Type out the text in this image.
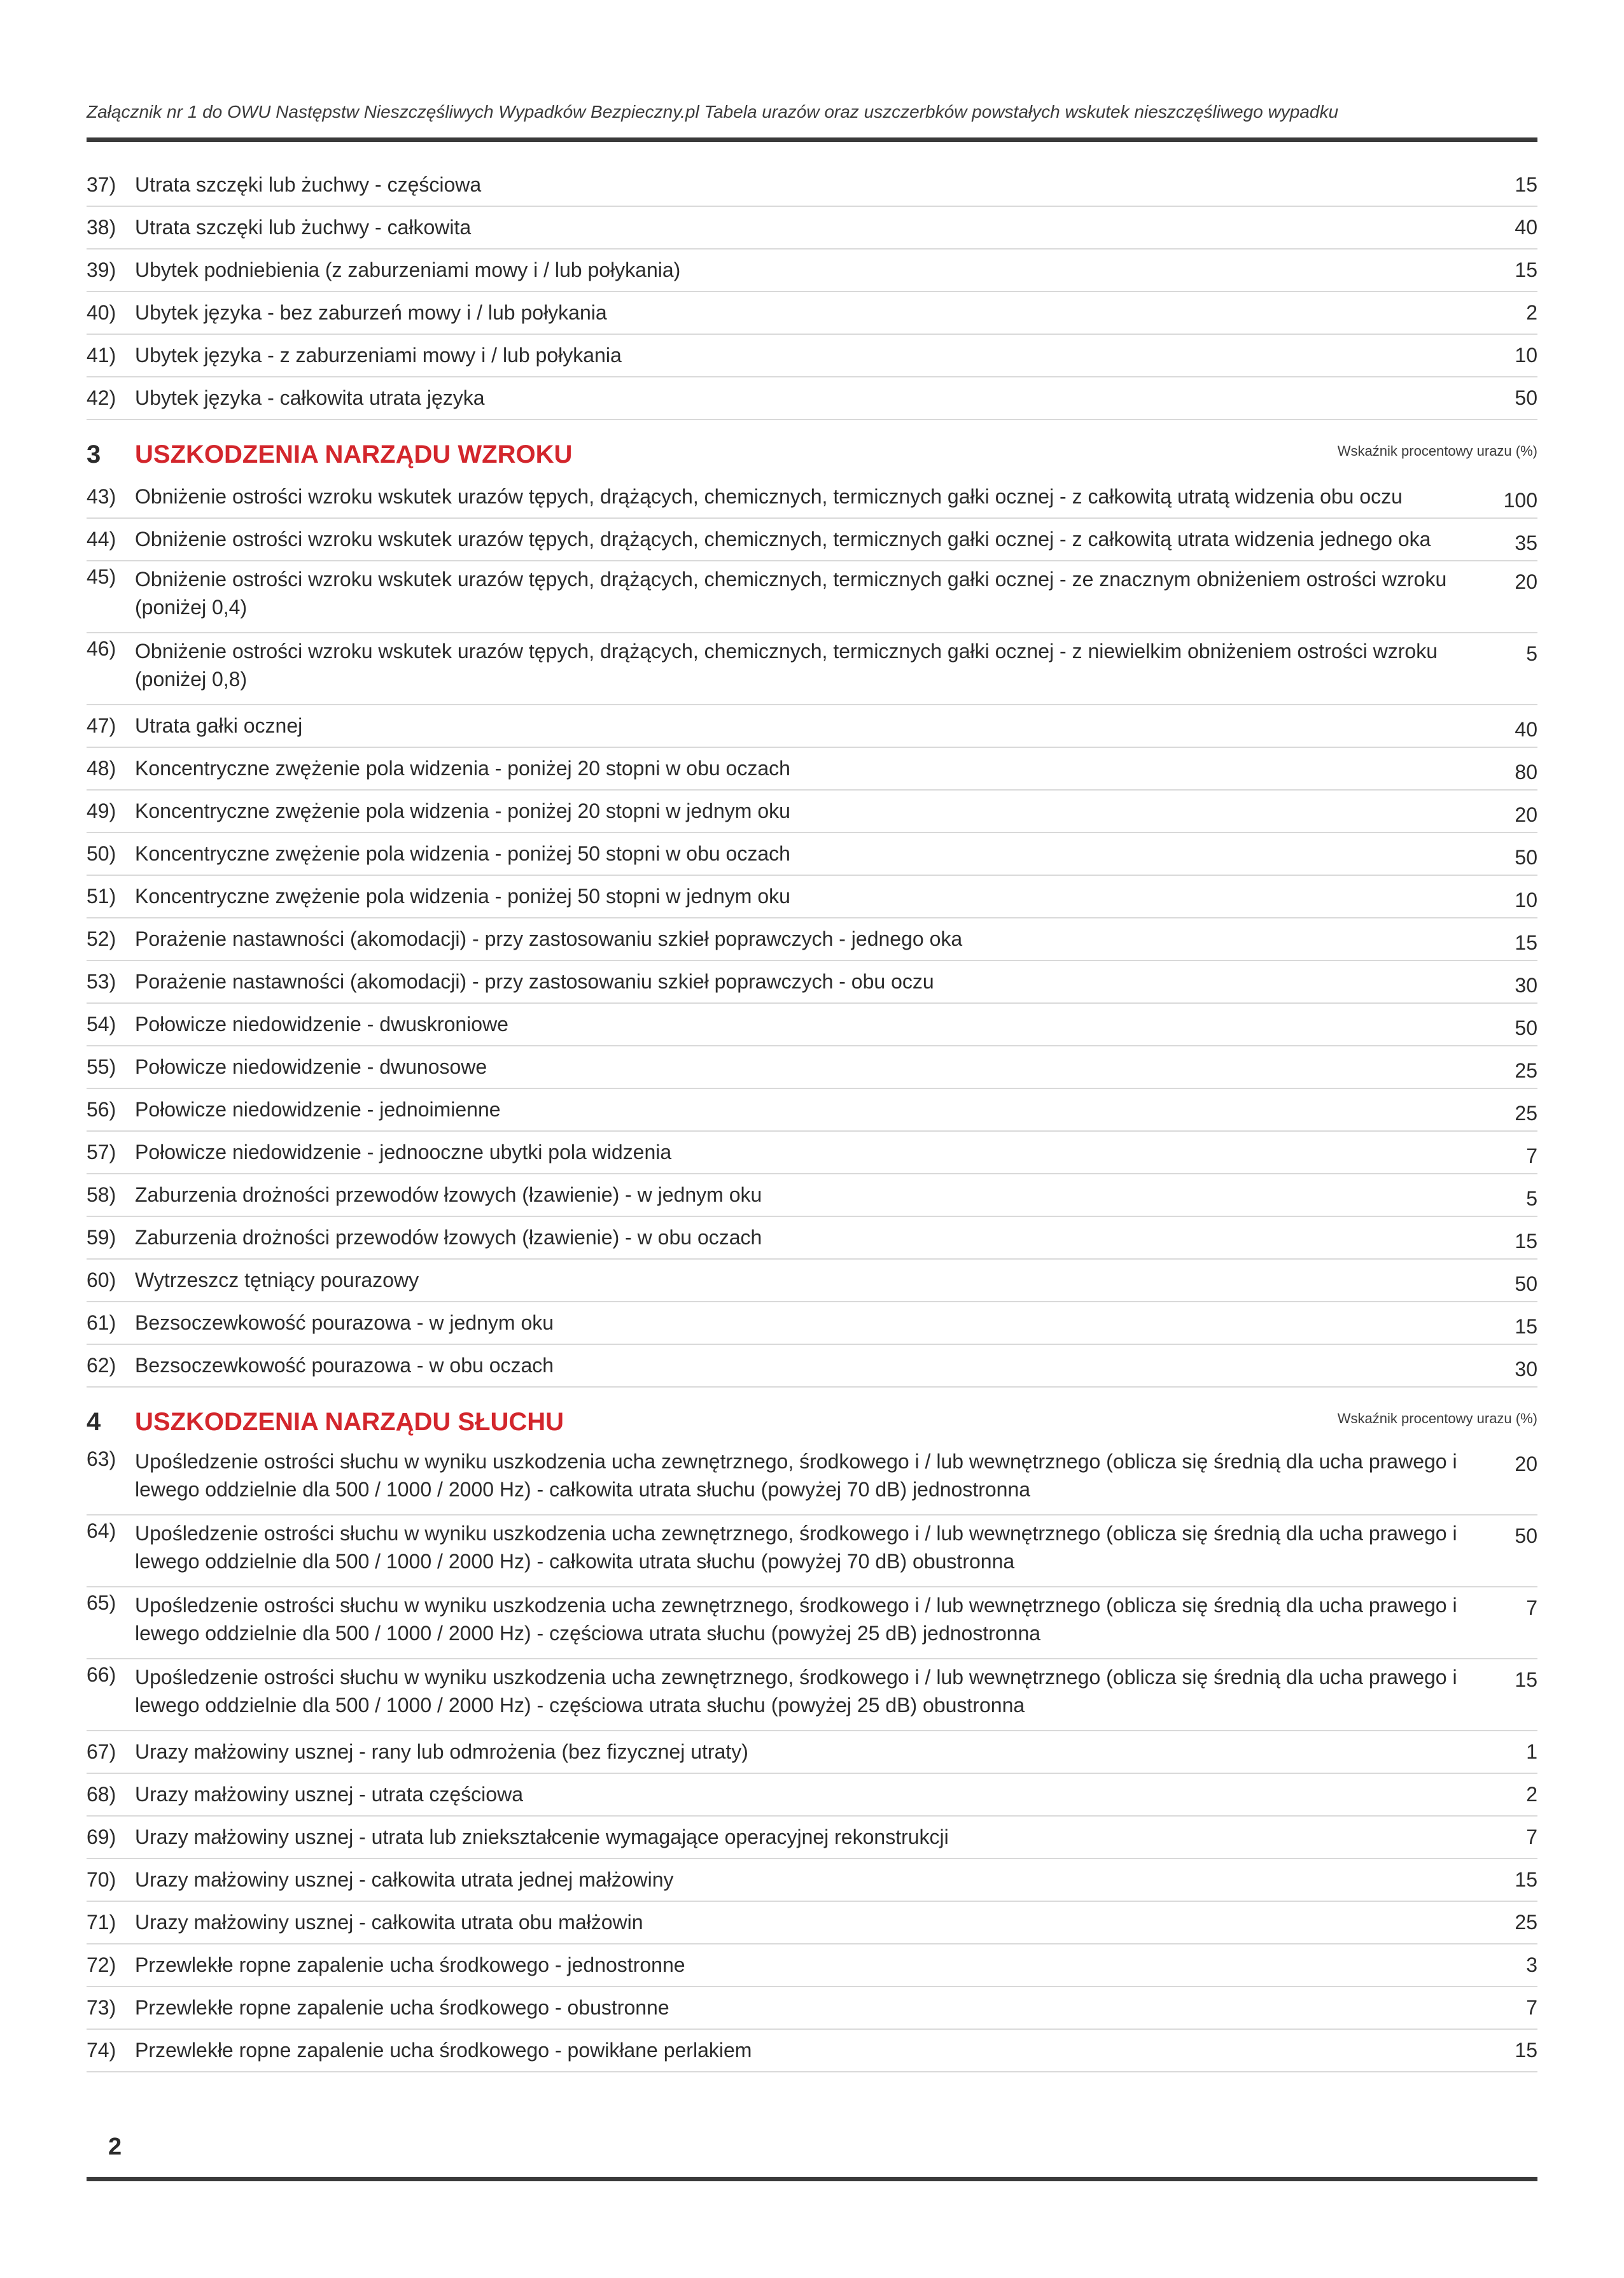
Załącznik nr 1 do OWU Następstw Nieszczęśliwych Wypadków Bezpieczny.pl Tabela urazów oraz uszczerbków powstałych wskutek nieszczęśliwego wypadku
37) Utrata szczęki lub żuchwy - częściowa	15
38) Utrata szczęki lub żuchwy - całkowita	40
39) Ubytek podniebienia (z zaburzeniami mowy i / lub połykania)	15
40) Ubytek języka - bez zaburzeń mowy i / lub połykania	2
41) Ubytek języka - z zaburzeniami mowy i / lub połykania	10
42) Ubytek języka - całkowita utrata języka	50
3 USZKODZENIA NARZĄDU WZROKU	Wskaźnik procentowy urazu (%)
43) Obniżenie ostrości wzroku wskutek urazów tępych, drążących, chemicznych, termicznych gałki ocznej - z całkowitą utratą widzenia obu oczu	100
44) Obniżenie ostrości wzroku wskutek urazów tępych, drążących, chemicznych, termicznych gałki ocznej - z całkowitą utrata widzenia jednego oka	35
45) Obniżenie ostrości wzroku wskutek urazów tępych, drążących, chemicznych, termicznych gałki ocznej - ze znacznym obniżeniem ostrości wzroku (poniżej 0,4)
20
46) Obniżenie ostrości wzroku wskutek urazów tępych, drążących, chemicznych, termicznych gałki ocznej - z niewielkim obniżeniem ostrości wzroku (poniżej 0,8)
5
47) Utrata gałki ocznej	40
48) Koncentryczne zwężenie pola widzenia - poniżej 20 stopni w obu oczach	80
49) Koncentryczne zwężenie pola widzenia - poniżej 20 stopni w jednym oku	20
50) Koncentryczne zwężenie pola widzenia - poniżej 50 stopni w obu oczach	50
51) Koncentryczne zwężenie pola widzenia - poniżej 50 stopni w jednym oku	10
52) Porażenie nastawności (akomodacji) - przy zastosowaniu szkieł poprawczych - jednego oka	15
53) Porażenie nastawności (akomodacji) - przy zastosowaniu szkieł poprawczych - obu oczu	30
54) Połowicze niedowidzenie - dwuskroniowe	50
55) Połowicze niedowidzenie - dwunosowe	25
56) Połowicze niedowidzenie - jednoimienne	25
57) Połowicze niedowidzenie - jednooczne ubytki pola widzenia	7
58) Zaburzenia drożności przewodów łzowych (łzawienie) - w jednym oku	5
59) Zaburzenia drożności przewodów łzowych (łzawienie) - w obu oczach	15
60) Wytrzeszcz tętniący pourazowy	50
61) Bezsoczewkowość pourazowa - w jednym oku	15
62) Bezsoczewkowość pourazowa - w obu oczach	30
4 USZKODZENIA NARZĄDU SŁUCHU	Wskaźnik procentowy urazu (%)
63) Upośledzenie ostrości słuchu w wyniku uszkodzenia ucha zewnętrznego, środkowego i / lub wewnętrznego (oblicza się średnią dla ucha prawego i lewego oddzielnie dla 500 / 1000 / 2000 Hz) - całkowita utrata słuchu (powyżej 70 dB) jednostronna
20
64) Upośledzenie ostrości słuchu w wyniku uszkodzenia ucha zewnętrznego, środkowego i / lub wewnętrznego (oblicza się średnią dla ucha prawego i lewego oddzielnie dla 500 / 1000 / 2000 Hz) - całkowita utrata słuchu (powyżej 70 dB) obustronna
50
65) Upośledzenie ostrości słuchu w wyniku uszkodzenia ucha zewnętrznego, środkowego i / lub wewnętrznego (oblicza się średnią dla ucha prawego i lewego oddzielnie dla 500 / 1000 / 2000 Hz) - częściowa utrata słuchu (powyżej 25 dB) jednostronna
7
66) Upośledzenie ostrości słuchu w wyniku uszkodzenia ucha zewnętrznego, środkowego i / lub wewnętrznego (oblicza się średnią dla ucha prawego i lewego oddzielnie dla 500 / 1000 / 2000 Hz) - częściowa utrata słuchu (powyżej 25 dB) obustronna
15
67) Urazy małżowiny usznej - rany lub odmrożenia (bez fizycznej utraty)	1
68) Urazy małżowiny usznej - utrata częściowa	2
69) Urazy małżowiny usznej - utrata lub zniekształcenie wymagające operacyjnej rekonstrukcji	7
70) Urazy małżowiny usznej - całkowita utrata jednej małżowiny	15
71) Urazy małżowiny usznej - całkowita utrata obu małżowin	25
72) Przewlekłe ropne zapalenie ucha środkowego - jednostronne	3
73) Przewlekłe ropne zapalenie ucha środkowego - obustronne	7
74) Przewlekłe ropne zapalenie ucha środkowego - powikłane perlakiem	15
2
